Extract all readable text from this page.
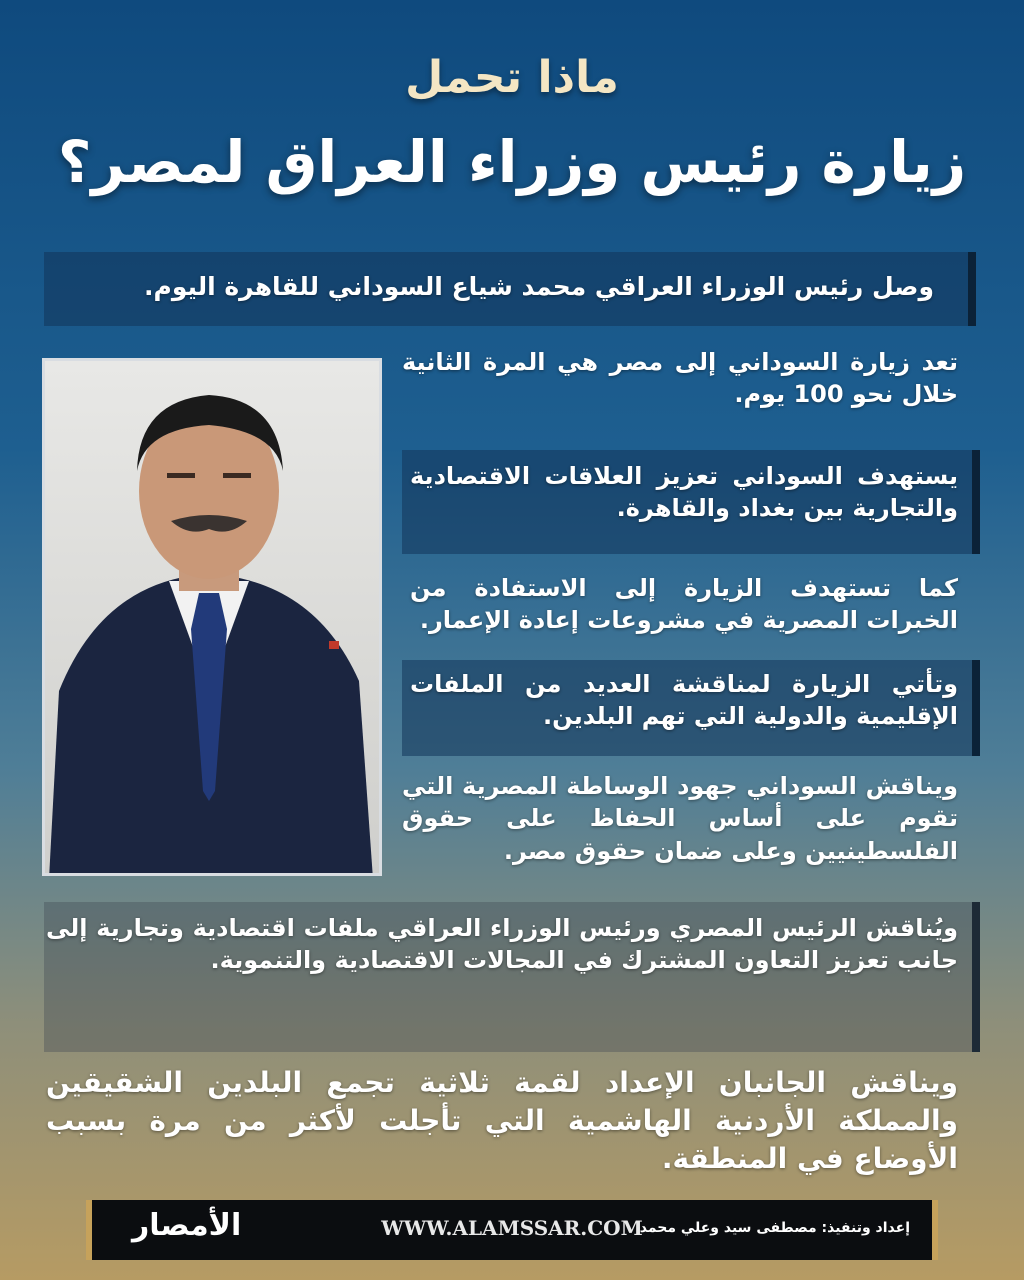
ماذا تحمل
زيارة رئيس وزراء العراق لمصر؟
وصل رئيس الوزراء العراقي محمد شياع السوداني للقاهرة اليوم.
تعد زيارة السوداني إلى مصر هي المرة الثانية خلال نحو 100 يوم.
يستهدف السوداني تعزيز العلاقات الاقتصادية والتجارية بين بغداد والقاهرة.
كما تستهدف الزيارة إلى الاستفادة من الخبرات المصرية في مشروعات إعادة الإعمار.
وتأتي الزيارة لمناقشة العديد من الملفات الإقليمية والدولية التي تهم البلدين.
ويناقش السوداني جهود الوساطة المصرية التي تقوم على أساس الحفاظ على حقوق الفلسطينيين وعلى ضمان حقوق مصر.
ويُناقش الرئيس المصري ورئيس الوزراء العراقي ملفات اقتصادية وتجارية إلى جانب تعزيز التعاون المشترك في المجالات الاقتصادية والتنموية.
ويناقش الجانبان الإعداد لقمة ثلاثية تجمع البلدين الشقيقين والمملكة الأردنية الهاشمية التي تأجلت لأكثر من مرة بسبب الأوضاع في المنطقة.
الأمصار	WWW.ALAMSSAR.COM
إعداد وتنفيذ: مصطفى سيد وعلي محمد
